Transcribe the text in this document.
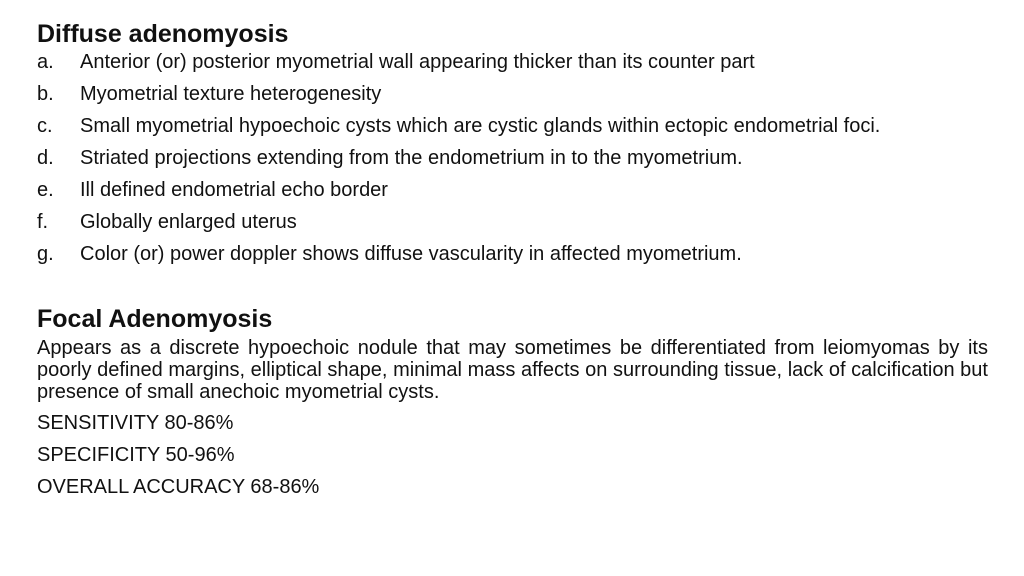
Diffuse adenomyosis
a.	Anterior (or) posterior myometrial wall appearing thicker than its counter part
b.	Myometrial texture heterogenesity
c.	Small myometrial hypoechoic cysts which are cystic glands within ectopic endometrial foci.
d.	Striated projections extending from the endometrium in to the myometrium.
e.	Ill defined endometrial echo border
f.	Globally enlarged uterus
g.	Color (or) power doppler shows diffuse vascularity in affected myometrium.
Focal Adenomyosis

Appears as a discrete hypoechoic nodule that may sometimes be differentiated from leiomyomas by its poorly defined margins, elliptical shape, minimal mass affects on surrounding tissue, lack of calcification but presence of small anechoic myometrial cysts.

SENSITIVITY 80-86%

SPECIFICITY 50-96%

OVERALL ACCURACY 68-86%
